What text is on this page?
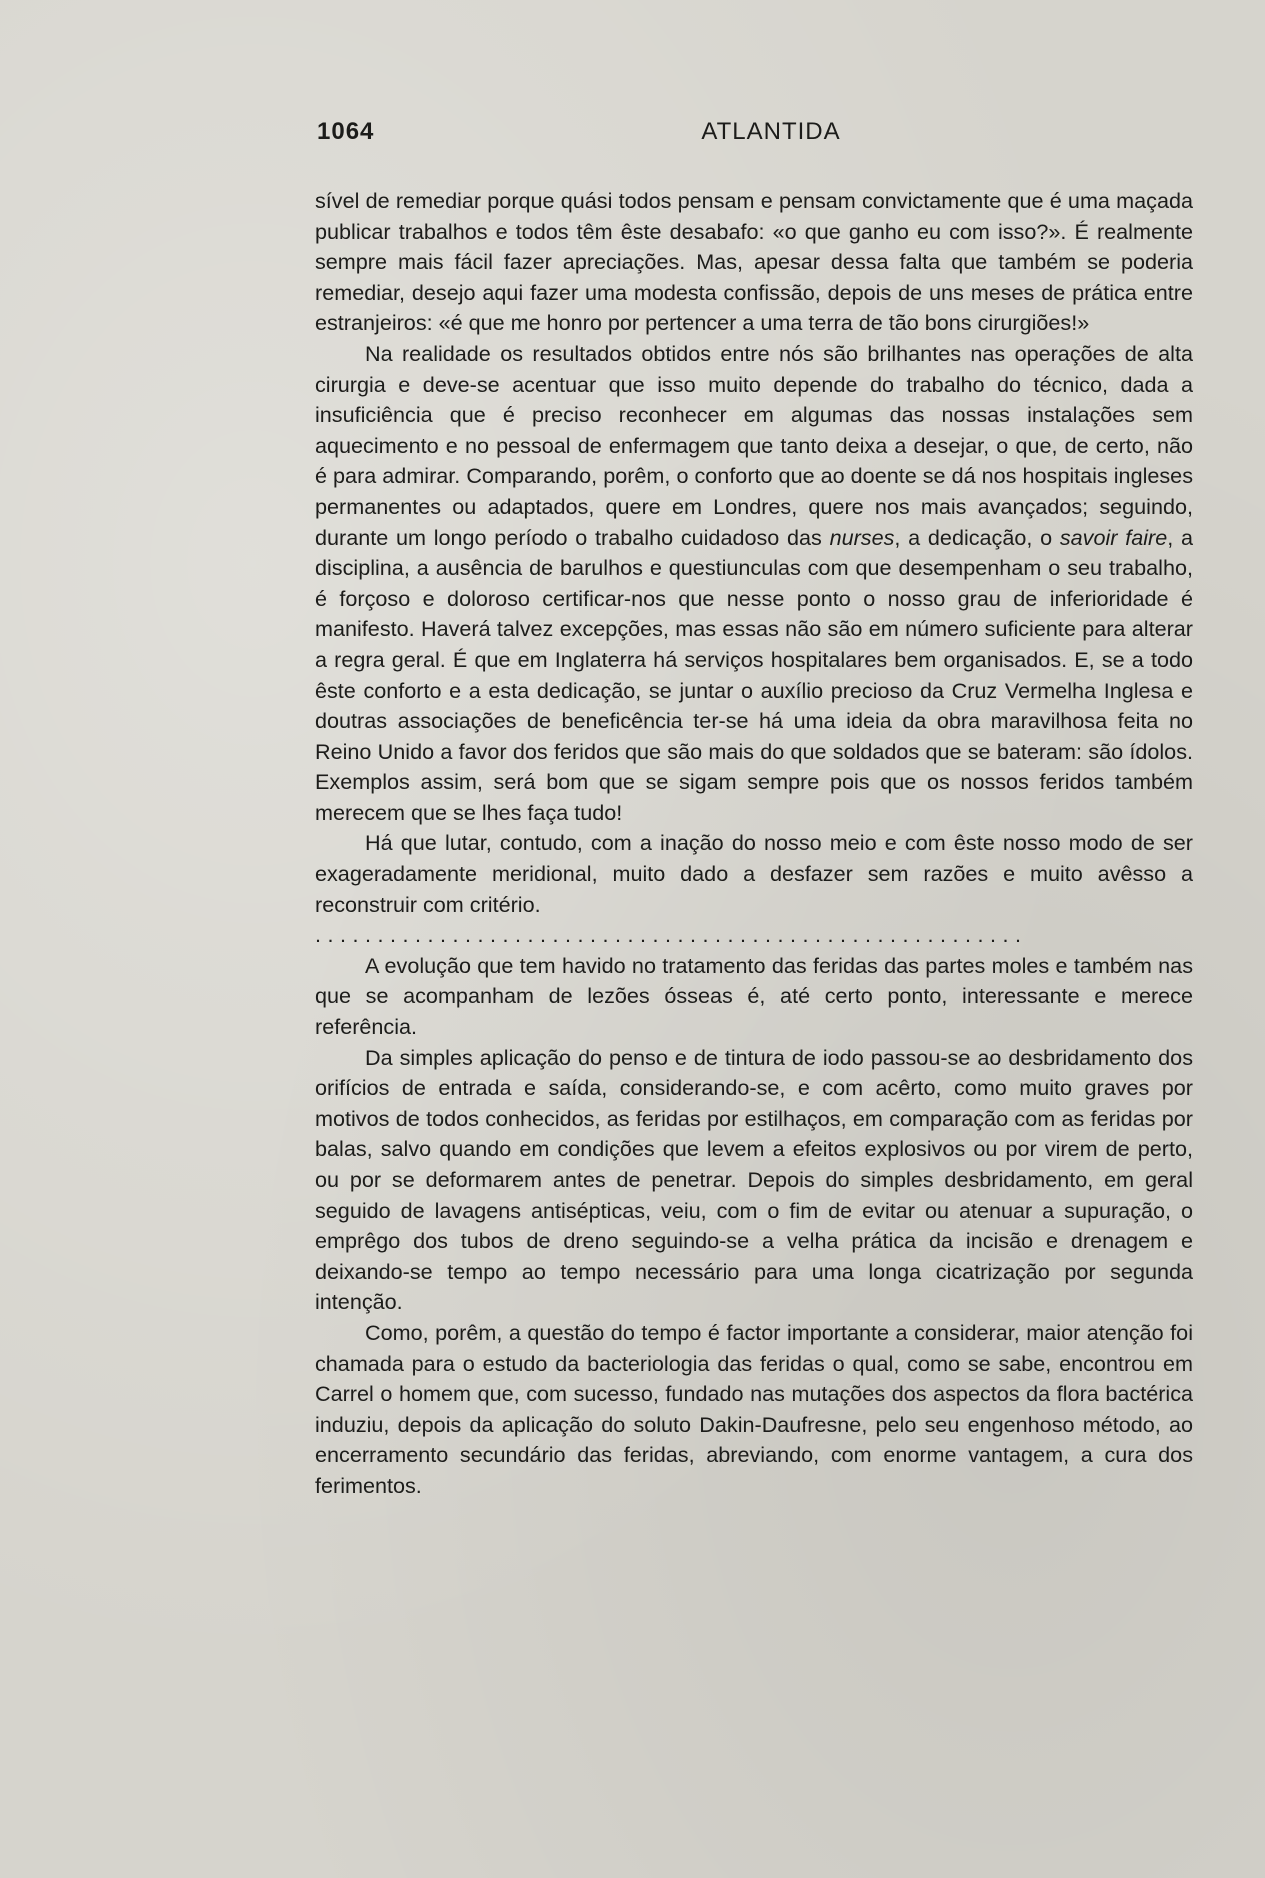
1064	ATLANTIDA

sível de remediar porque quási todos pensam e pensam convictamente que é uma maçada publicar trabalhos e todos têm êste desabafo: «o que ganho eu com isso?». É realmente sempre mais fácil fazer apreciações. Mas, apesar dessa falta que também se poderia remediar, desejo aqui fazer uma modesta confissão, depois de uns meses de prática entre estranjeiros: «é que me honro por pertencer a uma terra de tão bons cirurgiões!»

Na realidade os resultados obtidos entre nós são brilhantes nas operações de alta cirurgia e deve-se acentuar que isso muito depende do trabalho do técnico, dada a insuficiência que é preciso reconhecer em algumas das nossas instalações sem aquecimento e no pessoal de enfermagem que tanto deixa a desejar, o que, de certo, não é para admirar. Comparando, porêm, o conforto que ao doente se dá nos hospitais ingleses permanentes ou adaptados, quere em Londres, quere nos mais avançados; seguindo, durante um longo período o trabalho cuidadoso das nurses, a dedicação, o savoir faire, a disciplina, a ausência de barulhos e questiunculas com que desempenham o seu trabalho, é forçoso e doloroso certificar-nos que nesse ponto o nosso grau de inferioridade é manifesto. Haverá talvez excepções, mas essas não são em número suficiente para alterar a regra geral. É que em Inglaterra há serviços hospitalares bem organisados. E, se a todo êste conforto e a esta dedicação, se juntar o auxílio precioso da Cruz Vermelha Inglesa e doutras associações de beneficência ter-se há uma ideia da obra maravilhosa feita no Reino Unido a favor dos feridos que são mais do que soldados que se bateram: são ídolos. Exemplos assim, será bom que se sigam sempre pois que os nossos feridos também merecem que se lhes faça tudo!

Há que lutar, contudo, com a inação do nosso meio e com êste nosso modo de ser exageradamente meridional, muito dado a desfazer sem razões e muito avêsso a reconstruir com critério.

.........................................................

A evolução que tem havido no tratamento das feridas das partes moles e também nas que se acompanham de lezões ósseas é, até certo ponto, interessante e merece referência.

Da simples aplicação do penso e de tintura de iodo passou-se ao desbridamento dos orifícios de entrada e saída, considerando-se, e com acêrto, como muito graves por motivos de todos conhecidos, as feridas por estilhaços, em comparação com as feridas por balas, salvo quando em condições que levem a efeitos explosivos ou por virem de perto, ou por se deformarem antes de penetrar. Depois do simples desbridamento, em geral seguido de lavagens antisépticas, veiu, com o fim de evitar ou atenuar a supuração, o emprêgo dos tubos de dreno seguindo-se a velha prática da incisão e drenagem e deixando-se tempo ao tempo necessário para uma longa cicatrização por segunda intenção.

Como, porêm, a questão do tempo é factor importante a considerar, maior atenção foi chamada para o estudo da bacteriologia das feridas o qual, como se sabe, encontrou em Carrel o homem que, com sucesso, fundado nas mutações dos aspectos da flora bactérica induziu, depois da aplicação do soluto Dakin-Daufresne, pelo seu engenhoso método, ao encerramento secundário das feridas, abreviando, com enorme vantagem, a cura dos ferimentos.
